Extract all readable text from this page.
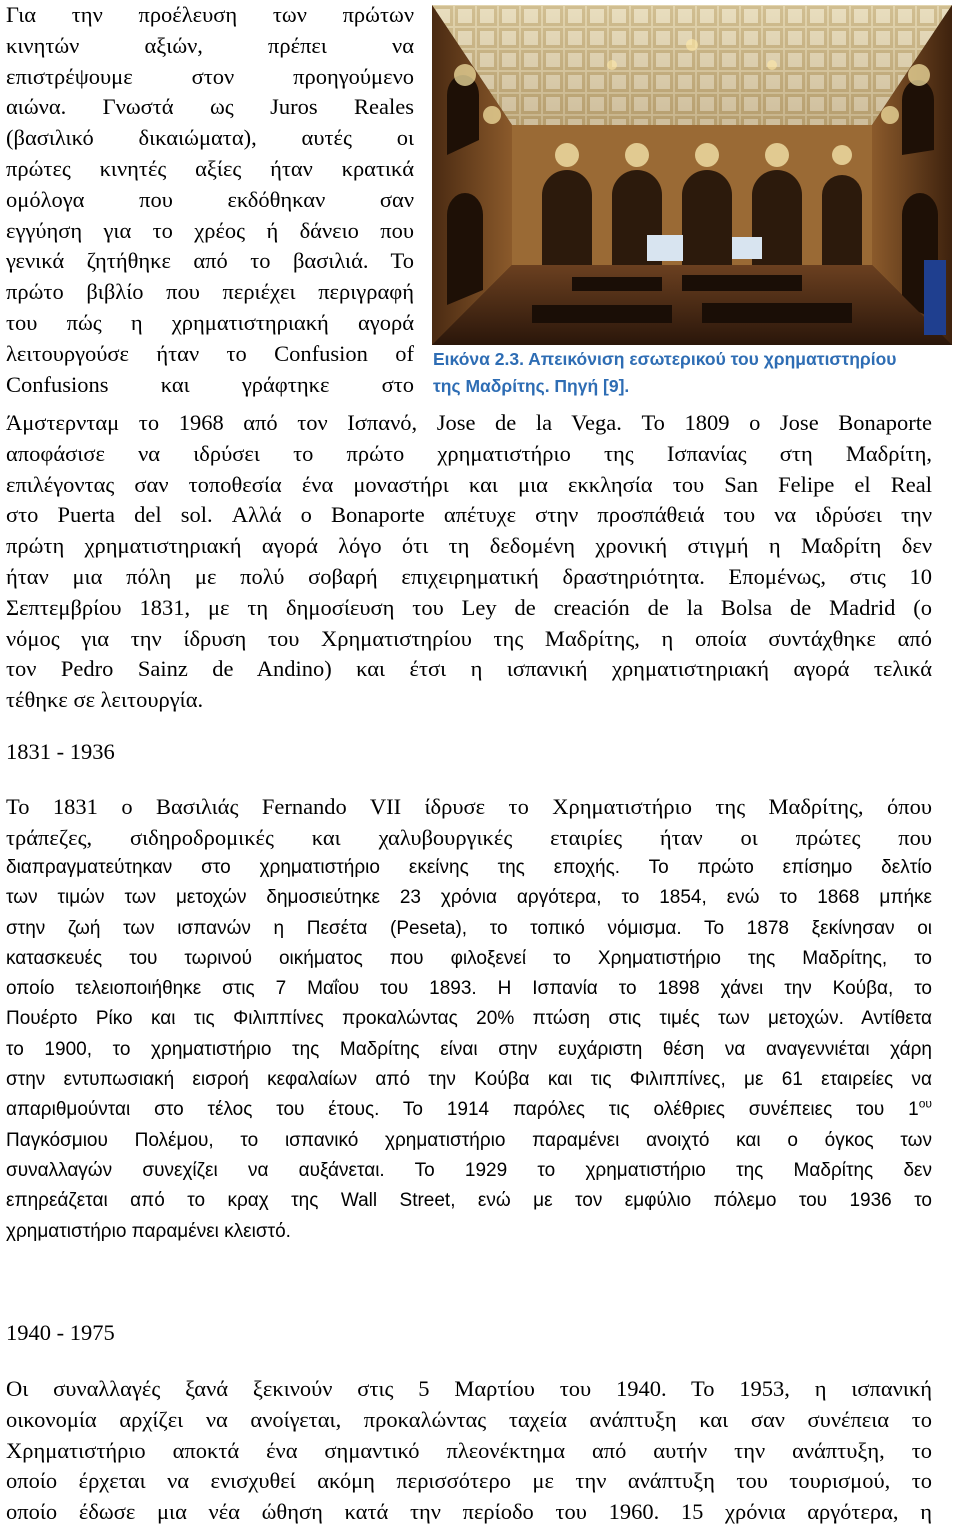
Για την προέλευση των πρώτων
κινητών αξιών, πρέπει να
επιστρέψουμε στον προηγούμενο
αιώνα. Γνωστά ως Juros Reales
(βασιλικό δικαιώματα), αυτές οι
πρώτες κινητές αξίες ήταν κρατικά
ομόλογα που εκδόθηκαν σαν
εγγύηση για το χρέος ή δάνειο που
γενικά ζητήθηκε από το βασιλιά. Το
πρώτο βιβλίο που περιέχει περιγραφή
του πώς η χρηματιστηριακή αγορά
λειτουργούσε ήταν το Confusion of
Confusions και γράφτηκε στο
Εικόνα 2.3. Απεικόνιση εσωτερικού του χρηματιστηρίου
της Μαδρίτης. Πηγή [9].
Άμστερνταμ το 1968 από τον Ισπανό, Jose de la Vega. Το 1809 ο Jose Bonaporte
αποφάσισε να ιδρύσει το πρώτο χρηματιστήριο της Ισπανίας στη Μαδρίτη,
επιλέγοντας σαν τοποθεσία ένα μοναστήρι και μια εκκλησία του San Felipe el Real
στο Puerta del sol. Αλλά ο Bonaporte απέτυχε στην προσπάθειά του να ιδρύσει την
πρώτη χρηματιστηριακή αγορά λόγο ότι τη δεδομένη χρονική στιγμή η Μαδρίτη δεν
ήταν μια πόλη με πολύ σοβαρή επιχειρηματική δραστηριότητα. Επομένως, στις 10
Σεπτεμβρίου 1831, με τη δημοσίευση του Ley de creación de la Bolsa de Madrid (ο
νόμος για την ίδρυση του Χρηματιστηρίου της Μαδρίτης, η οποία συντάχθηκε από
τον Pedro Sainz de Andino) και έτσι η ισπανική χρηματιστηριακή αγορά τελικά
τέθηκε σε λειτουργία.
1831 - 1936
Το 1831 ο Βασιλιάς Fernando VII ίδρυσε το Χρηματιστήριο της Μαδρίτης, όπου
τράπεζες, σιδηροδρομικές και χαλυβουργικές εταιρίες ήταν οι πρώτες που
διαπραγματεύτηκαν στο χρηματιστήριο εκείνης της εποχής. Το πρώτο επίσημο δελτίο
των τιμών των μετοχών δημοσιεύτηκε 23 χρόνια αργότερα, το 1854, ενώ το 1868 μπήκε
στην ζωή των ισπανών η Πεσέτα (Peseta), το τοπικό νόμισμα. Το 1878 ξεκίνησαν οι
κατασκευές του τωρινού οικήματος που φιλοξενεί το Χρηματιστήριο της Μαδρίτης, το
οποίο τελειοποιήθηκε στις 7 Μαΐου του 1893. Η Ισπανία το 1898 χάνει την Κούβα, το
Πουέρτο Ρίκο και τις Φιλιππίνες προκαλώντας 20% πτώση στις τιμές των μετοχών. Αντίθετα
το 1900, το χρηματιστήριο της Μαδρίτης είναι στην ευχάριστη θέση να αναγεννιέται χάρη
στην εντυπωσιακή εισροή κεφαλαίων από την Κούβα και τις Φιλιππίνες, με 61 εταιρείες να
απαριθμούνται στο τέλος του έτους. Το 1914 παρόλες τις ολέθριες συνέπειες του $1^{o\upsilon}$
Παγκόσμιου Πολέμου, το ισπανικό χρηματιστήριο παραμένει ανοιχτό και ο όγκος των
συναλλαγών συνεχίζει να αυξάνεται. Το 1929 το χρηματιστήριο της Μαδρίτης δεν
επηρεάζεται από το κραχ της Wall Street, ενώ με τον εμφύλιο πόλεμο του 1936 το
χρηματιστήριο παραμένει κλειστό.
1940 - 1975
Οι συναλλαγές ξανά ξεκινούν στις 5 Μαρτίου του 1940. Το 1953, η ισπανική
οικονομία αρχίζει να ανοίγεται, προκαλώντας ταχεία ανάπτυξη και σαν συνέπεια το
Χρηματιστήριο αποκτά ένα σημαντικό πλεονέκτημα από αυτήν την ανάπτυξη, το
οποίο έρχεται να ενισχυθεί ακόμη περισσότερο με την ανάπτυξη του τουρισμού, το
οποίο έδωσε μια νέα ώθηση κατά την περίοδο του 1960. 15 χρόνια αργότερα, η
